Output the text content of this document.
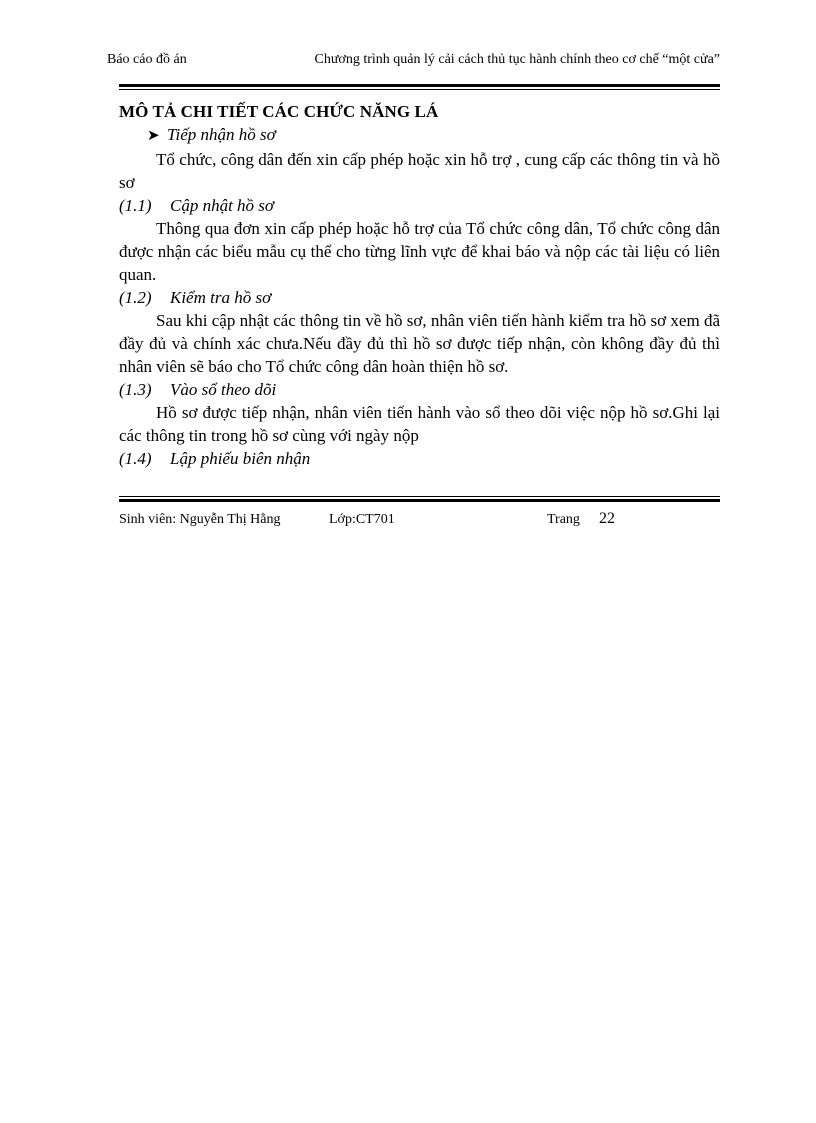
Báo cáo đồ án	Chương trình quản lý cải cách thủ tục hành chính theo cơ chế “một cửa”

MÔ TẢ CHI TIẾT CÁC CHỨC NĂNG LÁ

➤ Tiếp nhận hồ sơ

Tổ chức, công dân đến xin cấp phép hoặc xin hỗ trợ , cung cấp các thông tin và hồ sơ

(1.1)	Cập nhật hồ sơ

Thông qua đơn xin cấp phép hoặc hỗ trợ của Tổ chức công dân, Tổ chức công dân được nhận các biểu mẫu cụ thể cho từng lĩnh vực để khai báo và nộp các tài liệu có liên quan.

(1.2)	Kiểm tra hồ sơ

Sau khi cập nhật các thông tin về hồ sơ, nhân viên tiến hành kiểm tra hồ sơ xem đã đầy đủ và chính xác chưa.Nếu đầy đủ thì hồ sơ được tiếp nhận, còn không đầy đủ thì nhân viên sẽ báo cho Tổ chức công dân hoàn thiện hồ sơ.

(1.3)	Vào sổ theo dõi

Hồ sơ được tiếp nhận, nhân viên tiến hành vào sổ theo dõi việc nộp hồ sơ.Ghi lại các thông tin trong hồ sơ cùng với ngày nộp

(1.4)	Lập phiếu biên nhận
Sinh viên: Nguyễn Thị Hằng	Lớp:CT701	Trang	22
